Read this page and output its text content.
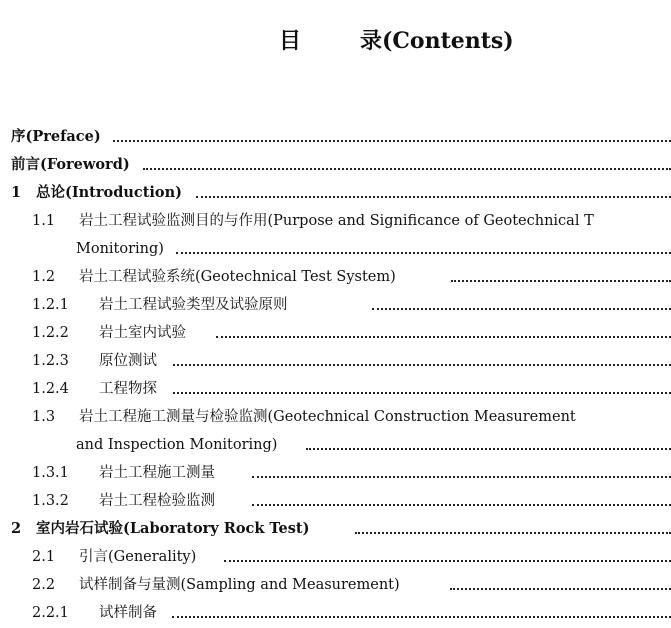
目	录(Contents)
序(Preface)
前言(Foreword)
1 总论(Introduction)
1.1 岩土工程试验监测目的与作用(Purpose and Significance of Geotechnical T
Monitoring)
1.2 岩土工程试验系统(Geotechnical Test System)
1.2.1 岩土工程试验类型及试验原则
1.2.2 岩土室内试验
1.2.3 原位测试
1.2.4 工程物探
1.3 岩土工程施工测量与检验监测(Geotechnical Construction Measurement
and Inspection Monitoring)
1.3.1 岩土工程施工测量
1.3.2 岩土工程检验监测
2 室内岩石试验(Laboratory Rock Test)
2.1 引言(Generality)
2.2 试样制备与量测(Sampling and Measurement)
2.2.1 试样制备
